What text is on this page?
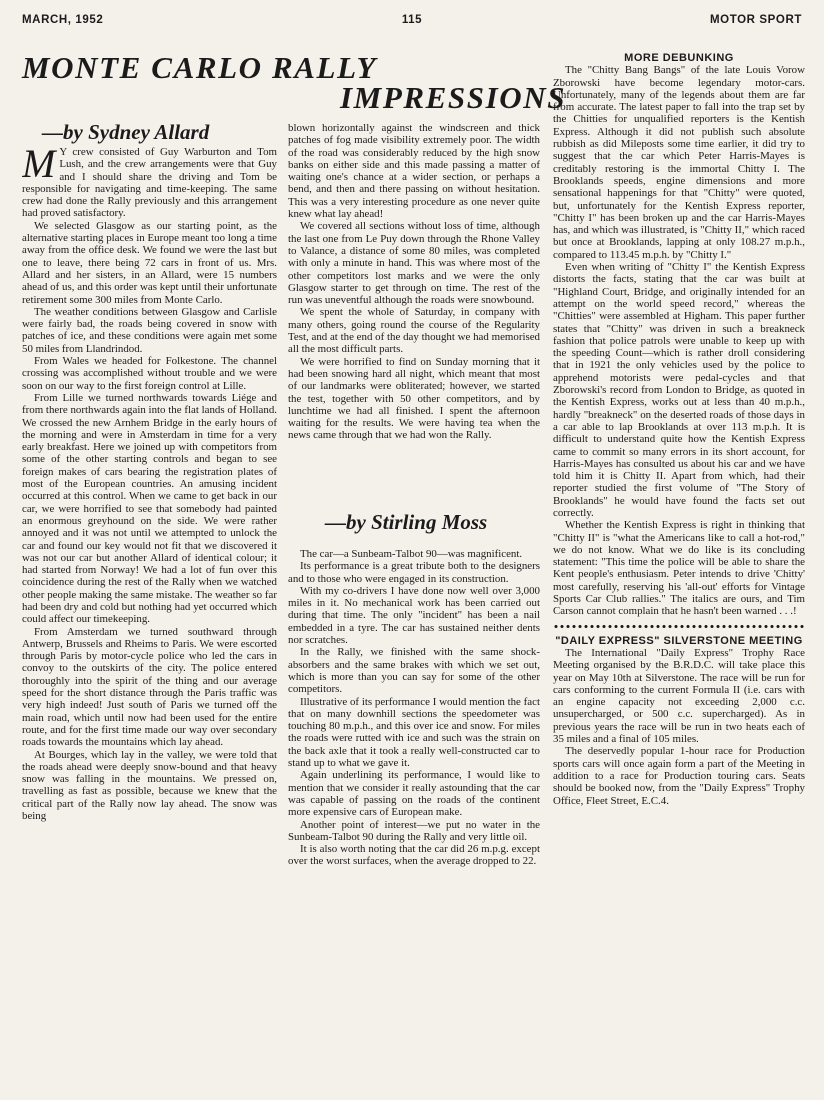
MARCH, 1952	115	MOTOR SPORT
MONTE CARLO RALLY
IMPRESSIONS
—by Sydney Allard

M Y crew consisted of Guy Warburton and Tom Lush, and the crew arrangements were that Guy and I should share the driving and Tom be responsible for navigating and time-keeping. The same crew had done the Rally previously and this arrangement had proved satisfactory.

We selected Glasgow as our starting point, as the alternative starting places in Europe meant too long a time away from the office desk. We found we were the last but one to leave, there being 72 cars in front of us. Mrs. Allard and her sisters, in an Allard, were 15 numbers ahead of us, and this order was kept until their unfortunate retirement some 300 miles from Monte Carlo.

The weather conditions between Glasgow and Carlisle were fairly bad, the roads being covered in snow with patches of ice, and these conditions were again met some 50 miles from Llandrindod.

From Wales we headed for Folkestone. The channel crossing was accomplished without trouble and we were soon on our way to the first foreign control at Lille.

From Lille we turned northwards towards Liége and from there northwards again into the flat lands of Holland. We crossed the new Arnhem Bridge in the early hours of the morning and were in Amsterdam in time for a very early breakfast. Here we joined up with competitors from some of the other starting controls and began to see foreign makes of cars bearing the registration plates of most of the European countries. An amusing incident occurred at this control. When we came to get back in our car, we were horrified to see that somebody had painted an enormous greyhound on the side. We were rather annoyed and it was not until we attempted to unlock the car and found our key would not fit that we discovered it was not our car but another Allard of identical colour; it had started from Norway! We had a lot of fun over this coincidence during the rest of the Rally when we watched other people making the same mistake. The weather so far had been dry and cold but nothing had yet occurred which could affect our timekeeping.

From Amsterdam we turned southward through Antwerp, Brussels and Rheims to Paris. We were escorted through Paris by motor-cycle police who led the cars in convoy to the outskirts of the city. The police entered thoroughly into the spirit of the thing and our average speed for the short distance through the Paris traffic was very high indeed! Just south of Paris we turned off the main road, which until now had been used for the entire route, and for the first time made our way over secondary roads towards the mountains which lay ahead.

At Bourges, which lay in the valley, we were told that the roads ahead were deeply snow-bound and that heavy snow was falling in the mountains. We pressed on, travelling as fast as possible, because we knew that the critical part of the Rally now lay ahead. The snow was being

blown horizontally against the windscreen and thick patches of fog made visibility extremely poor. The width of the road was considerably reduced by the high snow banks on either side and this made passing a matter of waiting one's chance at a wider section, or perhaps a bend, and then and there passing on without hesitation. This was a very interesting procedure as one never quite knew what lay ahead!

We covered all sections without loss of time, although the last one from Le Puy down through the Rhone Valley to Valance, a distance of some 80 miles, was completed with only a minute in hand. This was where most of the other competitors lost marks and we were the only Glasgow starter to get through on time. The rest of the run was uneventful although the roads were snowbound.

We spent the whole of Saturday, in company with many others, going round the course of the Regularity Test, and at the end of the day thought we had memorised all the most difficult parts.

We were horrified to find on Sunday morning that it had been snowing hard all night, which meant that most of our landmarks were obliterated; however, we started the test, together with 50 other competitors, and by lunchtime we had all finished. I spent the afternoon waiting for the results. We were having tea when the news came through that we had won the Rally.

—by Stirling Moss

The car—a Sunbeam-Talbot 90—was magnificent.

Its performance is a great tribute both to the designers and to those who were engaged in its construction.

With my co-drivers I have done now well over 3,000 miles in it. No mechanical work has been carried out during that time. The only "incident" has been a nail embedded in a tyre. The car has sustained neither dents nor scratches.

In the Rally, we finished with the same shock-absorbers and the same brakes with which we set out, which is more than you can say for some of the other competitors.

Illustrative of its performance I would mention the fact that on many downhill sections the speedometer was touching 80 m.p.h., and this over ice and snow. For miles the roads were rutted with ice and such was the strain on the back axle that it took a really well-constructed car to stand up to what we gave it.

Again underlining its performance, I would like to mention that we consider it really astounding that the car was capable of passing on the roads of the continent more expensive cars of European make.

Another point of interest—we put no water in the Sunbeam-Talbot 90 during the Rally and very little oil.

It is also worth noting that the car did 26 m.p.g. except over the worst surfaces, when the average dropped to 22.

MORE DEBUNKING

The "Chitty Bang Bangs" of the late Louis Vorow Zborowski have become legendary motor-cars. Unfortunately, many of the legends about them are far from accurate. The latest paper to fall into the trap set by the Chitties for unqualified reporters is the Kentish Express. Although it did not publish such absolute rubbish as did Mileposts some time earlier, it did try to suggest that the car which Peter Harris-Mayes is creditably restoring is the immortal Chitty I. The Brooklands speeds, engine dimensions and more sensational happenings for that "Chitty" were quoted, but, unfortunately for the Kentish Express reporter, "Chitty I" has been broken up and the car Harris-Mayes has, and which was illustrated, is "Chitty II," which raced but once at Brooklands, lapping at only 108.27 m.p.h., compared to 113.45 m.p.h. by "Chitty I."

Even when writing of "Chitty I" the Kentish Express distorts the facts, stating that the car was built at "Highland Court, Bridge, and originally intended for an attempt on the world speed record," whereas the "Chitties" were assembled at Higham. This paper further states that "Chitty" was driven in such a breakneck fashion that police patrols were unable to keep up with the speeding Count—which is rather droll considering that in 1921 the only vehicles used by the police to apprehend motorists were pedal-cycles and that Zborowski's record from London to Bridge, as quoted in the Kentish Express, works out at less than 40 m.p.h., hardly "breakneck" on the deserted roads of those days in a car able to lap Brooklands at over 113 m.p.h. It is difficult to understand quite how the Kentish Express came to commit so many errors in its short account, for Harris-Mayes has consulted us about his car and we have told him it is Chitty II. Apart from which, had their reporter studied the first volume of "The Story of Brooklands" he would have found the facts set out correctly.

Whether the Kentish Express is right in thinking that "Chitty II" is "what the Americans like to call a hot-rod," we do not know. What we do like is its concluding statement: "This time the police will be able to share the Kent people's enthusiasm. Peter intends to drive 'Chitty' most carefully, reserving his 'all-out' efforts for Vintage Sports Car Club rallies." The italics are ours, and Tim Carson cannot complain that he hasn't been warned . . .!

"DAILY EXPRESS" SILVERSTONE MEETING

The International "Daily Express" Trophy Race Meeting organised by the B.R.D.C. will take place this year on May 10th at Silverstone. The race will be run for cars conforming to the current Formula II (i.e. cars with an engine capacity not exceeding 2,000 c.c. unsupercharged, or 500 c.c. supercharged). As in previous years the race will be run in two heats each of 35 miles and a final of 105 miles.

The deservedly popular 1-hour race for Production sports cars will once again form a part of the Meeting in addition to a race for Production touring cars. Seats should be booked now, from the "Daily Express" Trophy Office, Fleet Street, E.C.4.
